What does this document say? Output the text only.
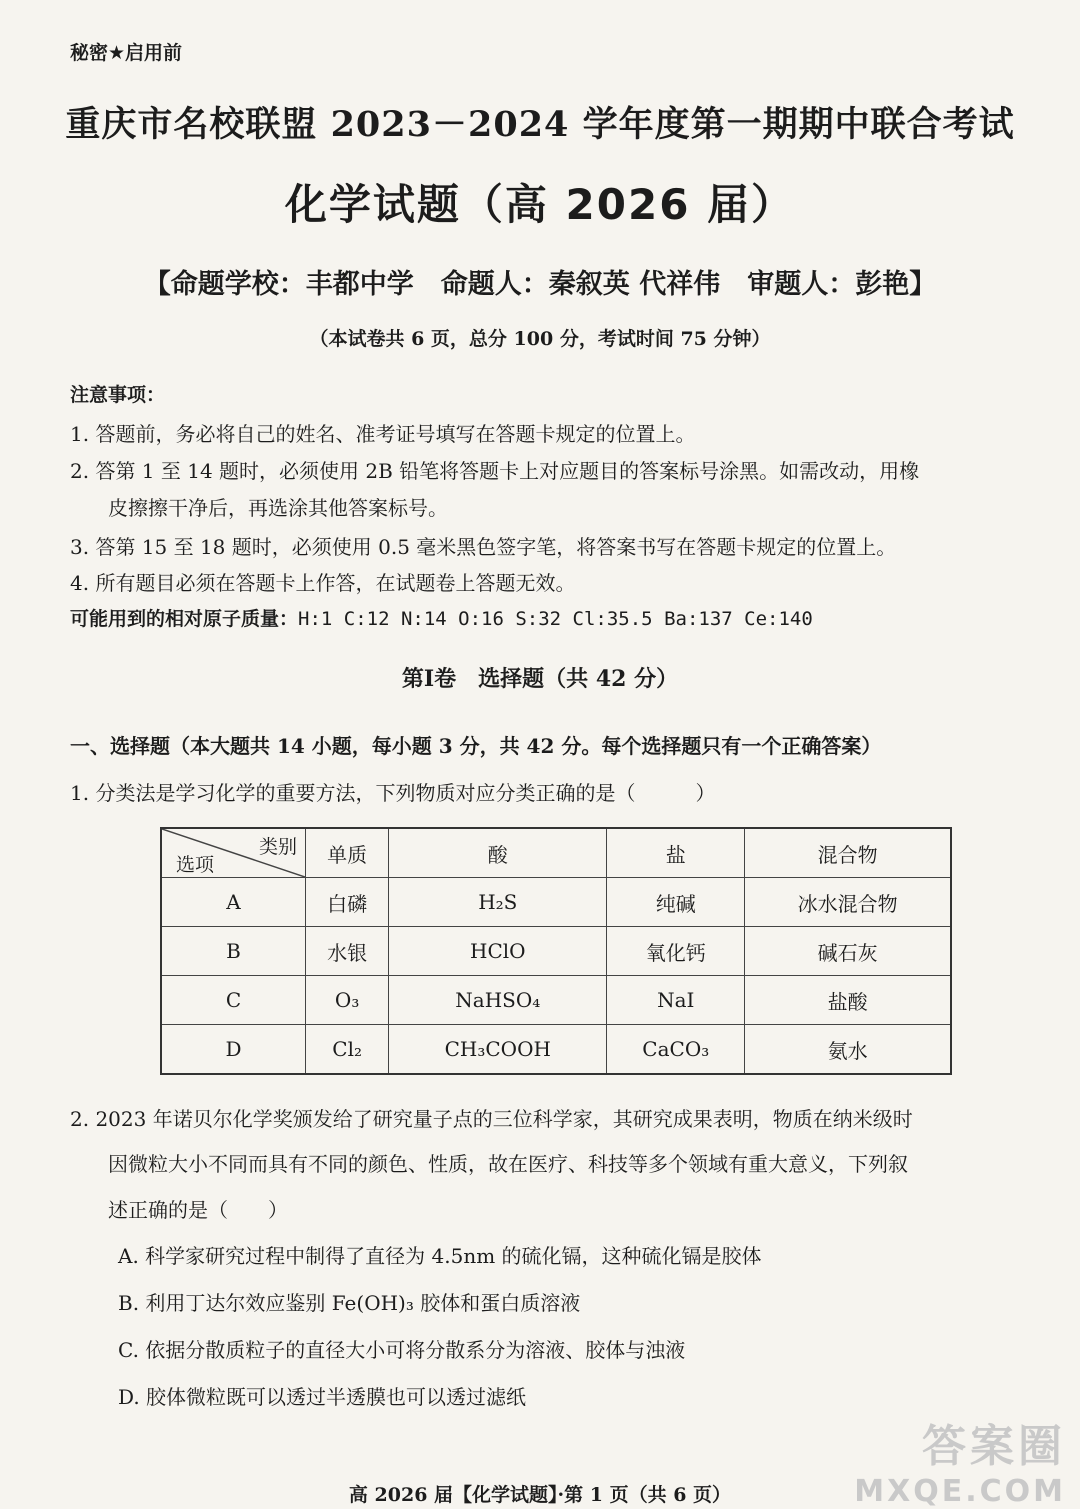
秘密★启用前
重庆市名校联盟 2023－2024 学年度第一期期中联合考试
化学试题（高 2026 届）
【命题学校：丰都中学　命题人：秦叙英 代祥伟　审题人：彭艳】
（本试卷共 6 页，总分 100 分，考试时间 75 分钟）
注意事项：
1. 答题前，务必将自己的姓名、准考证号填写在答题卡规定的位置上。
2. 答第 1 至 14 题时，必须使用 2B 铅笔将答题卡上对应题目的答案标号涂黑。如需改动，用橡
皮擦擦干净后，再选涂其他答案标号。
3. 答第 15 至 18 题时，必须使用 0.5 毫米黑色签字笔，将答案书写在答题卡规定的位置上。
4. 所有题目必须在答题卡上作答，在试题卷上答题无效。
可能用到的相对原子质量：H:1 C:12 N:14 O:16 S:32 Cl:35.5 Ba:137 Ce:140
第Ⅰ卷　选择题（共 42 分）
一、选择题（本大题共 14 小题，每小题 3 分，共 42 分。每个选择题只有一个正确答案）
1. 分类法是学习化学的重要方法，下列物质对应分类正确的是（　　　）
类别
选项	单质	酸	盐	混合物
A	白磷	H₂S	纯碱	冰水混合物
B	水银	HClO	氧化钙	碱石灰
C	O₃	NaHSO₄	NaI	盐酸
D	Cl₂	CH₃COOH	CaCO₃	氨水
2. 2023 年诺贝尔化学奖颁发给了研究量子点的三位科学家，其研究成果表明，物质在纳米级时
因微粒大小不同而具有不同的颜色、性质，故在医疗、科技等多个领域有重大意义，下列叙
述正确的是（　　）
A. 科学家研究过程中制得了直径为 4.5nm 的硫化镉，这种硫化镉是胶体
B. 利用丁达尔效应鉴别 Fe(OH)₃ 胶体和蛋白质溶液
C. 依据分散质粒子的直径大小可将分散系分为溶液、胶体与浊液
D. 胶体微粒既可以透过半透膜也可以透过滤纸
答案圈
MXQE.COM
高 2026 届【化学试题】·第 1 页（共 6 页）
